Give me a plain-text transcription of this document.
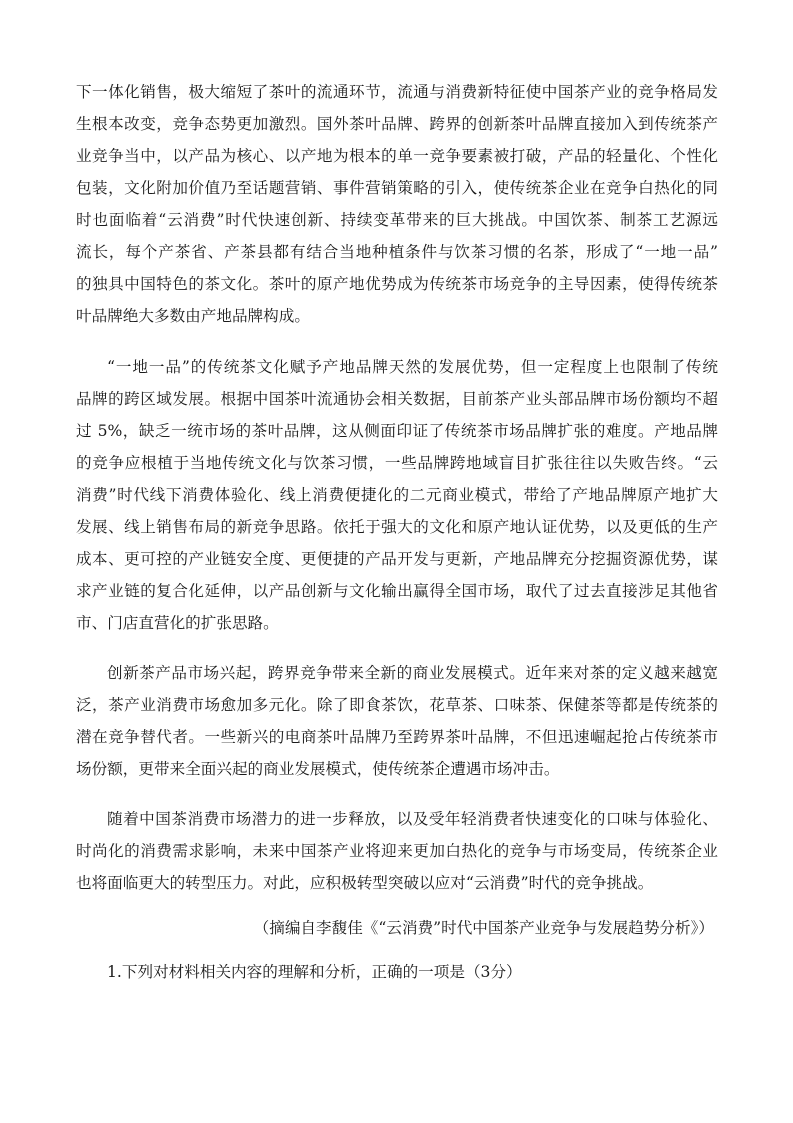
下一体化销售，极大缩短了茶叶的流通环节，流通与消费新特征使中国茶产业的竞争格局发
生根本改变，竞争态势更加激烈。国外茶叶品牌、跨界的创新茶叶品牌直接加入到传统茶产
业竞争当中，以产品为核心、以产地为根本的单一竞争要素被打破，产品的轻量化、个性化
包装，文化附加价值乃至话题营销、事件营销策略的引入，使传统茶企业在竞争白热化的同
时也面临着“云消费”时代快速创新、持续变革带来的巨大挑战。中国饮茶、制茶工艺源远
流长，每个产茶省、产茶县都有结合当地种植条件与饮茶习惯的名茶，形成了“一地一品”
的独具中国特色的茶文化。茶叶的原产地优势成为传统茶市场竞争的主导因素，使得传统茶
叶品牌绝大多数由产地品牌构成。
“一地一品”的传统茶文化赋予产地品牌天然的发展优势，但一定程度上也限制了传统
品牌的跨区域发展。根据中国茶叶流通协会相关数据，目前茶产业头部品牌市场份额均不超
过 5%，缺乏一统市场的茶叶品牌，这从侧面印证了传统茶市场品牌扩张的难度。产地品牌
的竞争应根植于当地传统文化与饮茶习惯，一些品牌跨地域盲目扩张往往以失败告终。“云
消费”时代线下消费体验化、线上消费便捷化的二元商业模式，带给了产地品牌原产地扩大
发展、线上销售布局的新竞争思路。依托于强大的文化和原产地认证优势，以及更低的生产
成本、更可控的产业链安全度、更便捷的产品开发与更新，产地品牌充分挖掘资源优势，谋
求产业链的复合化延伸，以产品创新与文化输出赢得全国市场，取代了过去直接涉足其他省
市、门店直营化的扩张思路。
创新茶产品市场兴起，跨界竞争带来全新的商业发展模式。近年来对茶的定义越来越宽
泛，茶产业消费市场愈加多元化。除了即食茶饮，花草茶、口味茶、保健茶等都是传统茶的
潜在竞争替代者。一些新兴的电商茶叶品牌乃至跨界茶叶品牌，不但迅速崛起抢占传统茶市
场份额，更带来全面兴起的商业发展模式，使传统茶企遭遇市场冲击。
随着中国茶消费市场潜力的进一步释放，以及受年轻消费者快速变化的口味与体验化、
时尚化的消费需求影响，未来中国茶产业将迎来更加白热化的竞争与市场变局，传统茶企业
也将面临更大的转型压力。对此，应积极转型突破以应对“云消费”时代的竞争挑战。
（摘编自李馥佳《“云消费”时代中国茶产业竞争与发展趋势分析》）
1.下列对材料相关内容的理解和分析，正确的一项是（3分）
